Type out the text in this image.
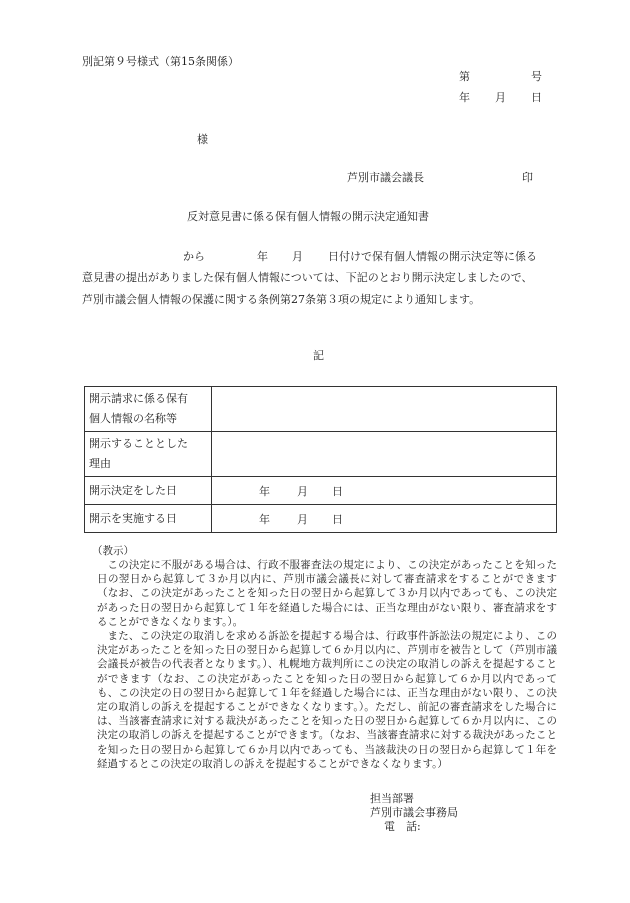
別記第９号様式（第15条関係）
第	号
年 月 日
様
芦別市議会議長	印
反対意見書に係る保有個人情報の開示決定通知書
から	年 月 日付けで保有個人情報の開示決定等に係る
意見書の提出がありました保有個人情報については、下記のとおり開示決定しましたので、
芦別市議会個人情報の保護に関する条例第27条第３項の規定により通知します。
記
開示請求に係る保有
個人情報の名称等	
開示することとした
理由	
開示決定をした日	年 月 日

開示を実施する日	年 月 日
（教示）
この決定に不服がある場合は、行政不服審査法の規定により、この決定があったことを知った日の翌日から起算して３か月以内に、芦別市議会議長に対して審査請求をすることができます（なお、この決定があったことを知った日の翌日から起算して３か月以内であっても、この決定があった日の翌日から起算して１年を経過した場合には、正当な理由がない限り、審査請求をすることができなくなります。）。
また、この決定の取消しを求める訴訟を提起する場合は、行政事件訴訟法の規定により、この決定があったことを知った日の翌日から起算して６か月以内に、芦別市を被告として（芦別市議会議長が被告の代表者となります。）、札幌地方裁判所にこの決定の取消しの訴えを提起することができます（なお、この決定があったことを知った日の翌日から起算して６か月以内であっても、この決定の日の翌日から起算して１年を経過した場合には、正当な理由がない限り、この決定の取消しの訴えを提起することができなくなります。）。ただし、前記の審査請求をした場合には、当該審査請求に対する裁決があったことを知った日の翌日から起算して６か月以内に、この決定の取消しの訴えを提起することができます。（なお、当該審査請求に対する裁決があったことを知った日の翌日から起算して６か月以内であっても、当該裁決の日の翌日から起算して１年を経過するとこの決定の取消しの訴えを提起することができなくなります。）
担当部署
芦別市議会事務局
電　話:
